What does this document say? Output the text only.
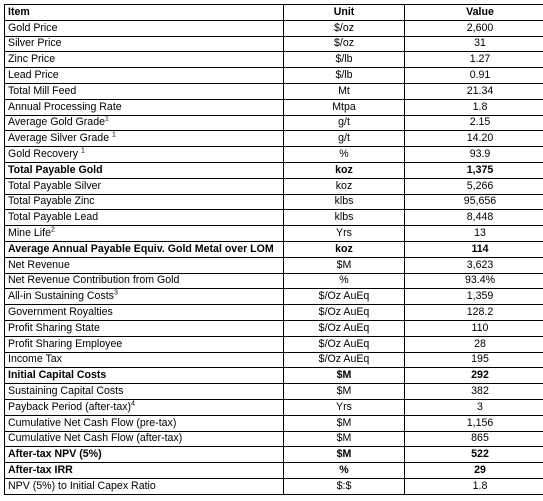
Item	Unit	Value
Gold Price	$/oz	2,600
Silver Price	$/oz	31
Zinc Price	$/lb	1.27
Lead Price	$/lb	0.91
Total Mill Feed	Mt	21.34
Annual Processing Rate	Mtpa	1.8
Average Gold Grade$^1$	g/t	2.15
Average Silver Grade $^1$	g/t	14.20
Gold Recovery $^1$	%	93.9
Total Payable Gold	koz	1,375
Total Payable Silver	koz	5,266
Total Payable Zinc	klbs	95,656
Total Payable Lead	klbs	8,448
Mine Life$^2$	Yrs	13
Average Annual Payable Equiv. Gold Metal over LOM	koz	114
Net Revenue	$M	3,623
Net Revenue Contribution from Gold	%	93.4%
All-in Sustaining Costs$^3$	$/Oz AuEq	1,359
Government Royalties	$/Oz AuEq	128.2
Profit Sharing State	$/Oz AuEq	110
Profit Sharing Employee	$/Oz AuEq	28
Income Tax	$/Oz AuEq	195
Initial Capital Costs	$M	292
Sustaining Capital Costs	$M	382
Payback Period (after-tax)$^4$	Yrs	3
Cumulative Net Cash Flow (pre-tax)	$M	1,156
Cumulative Net Cash Flow (after-tax)	$M	865
After-tax NPV (5%)	$M	522
After-tax IRR	%	29
NPV (5%) to Initial Capex Ratio	$:$	1.8
